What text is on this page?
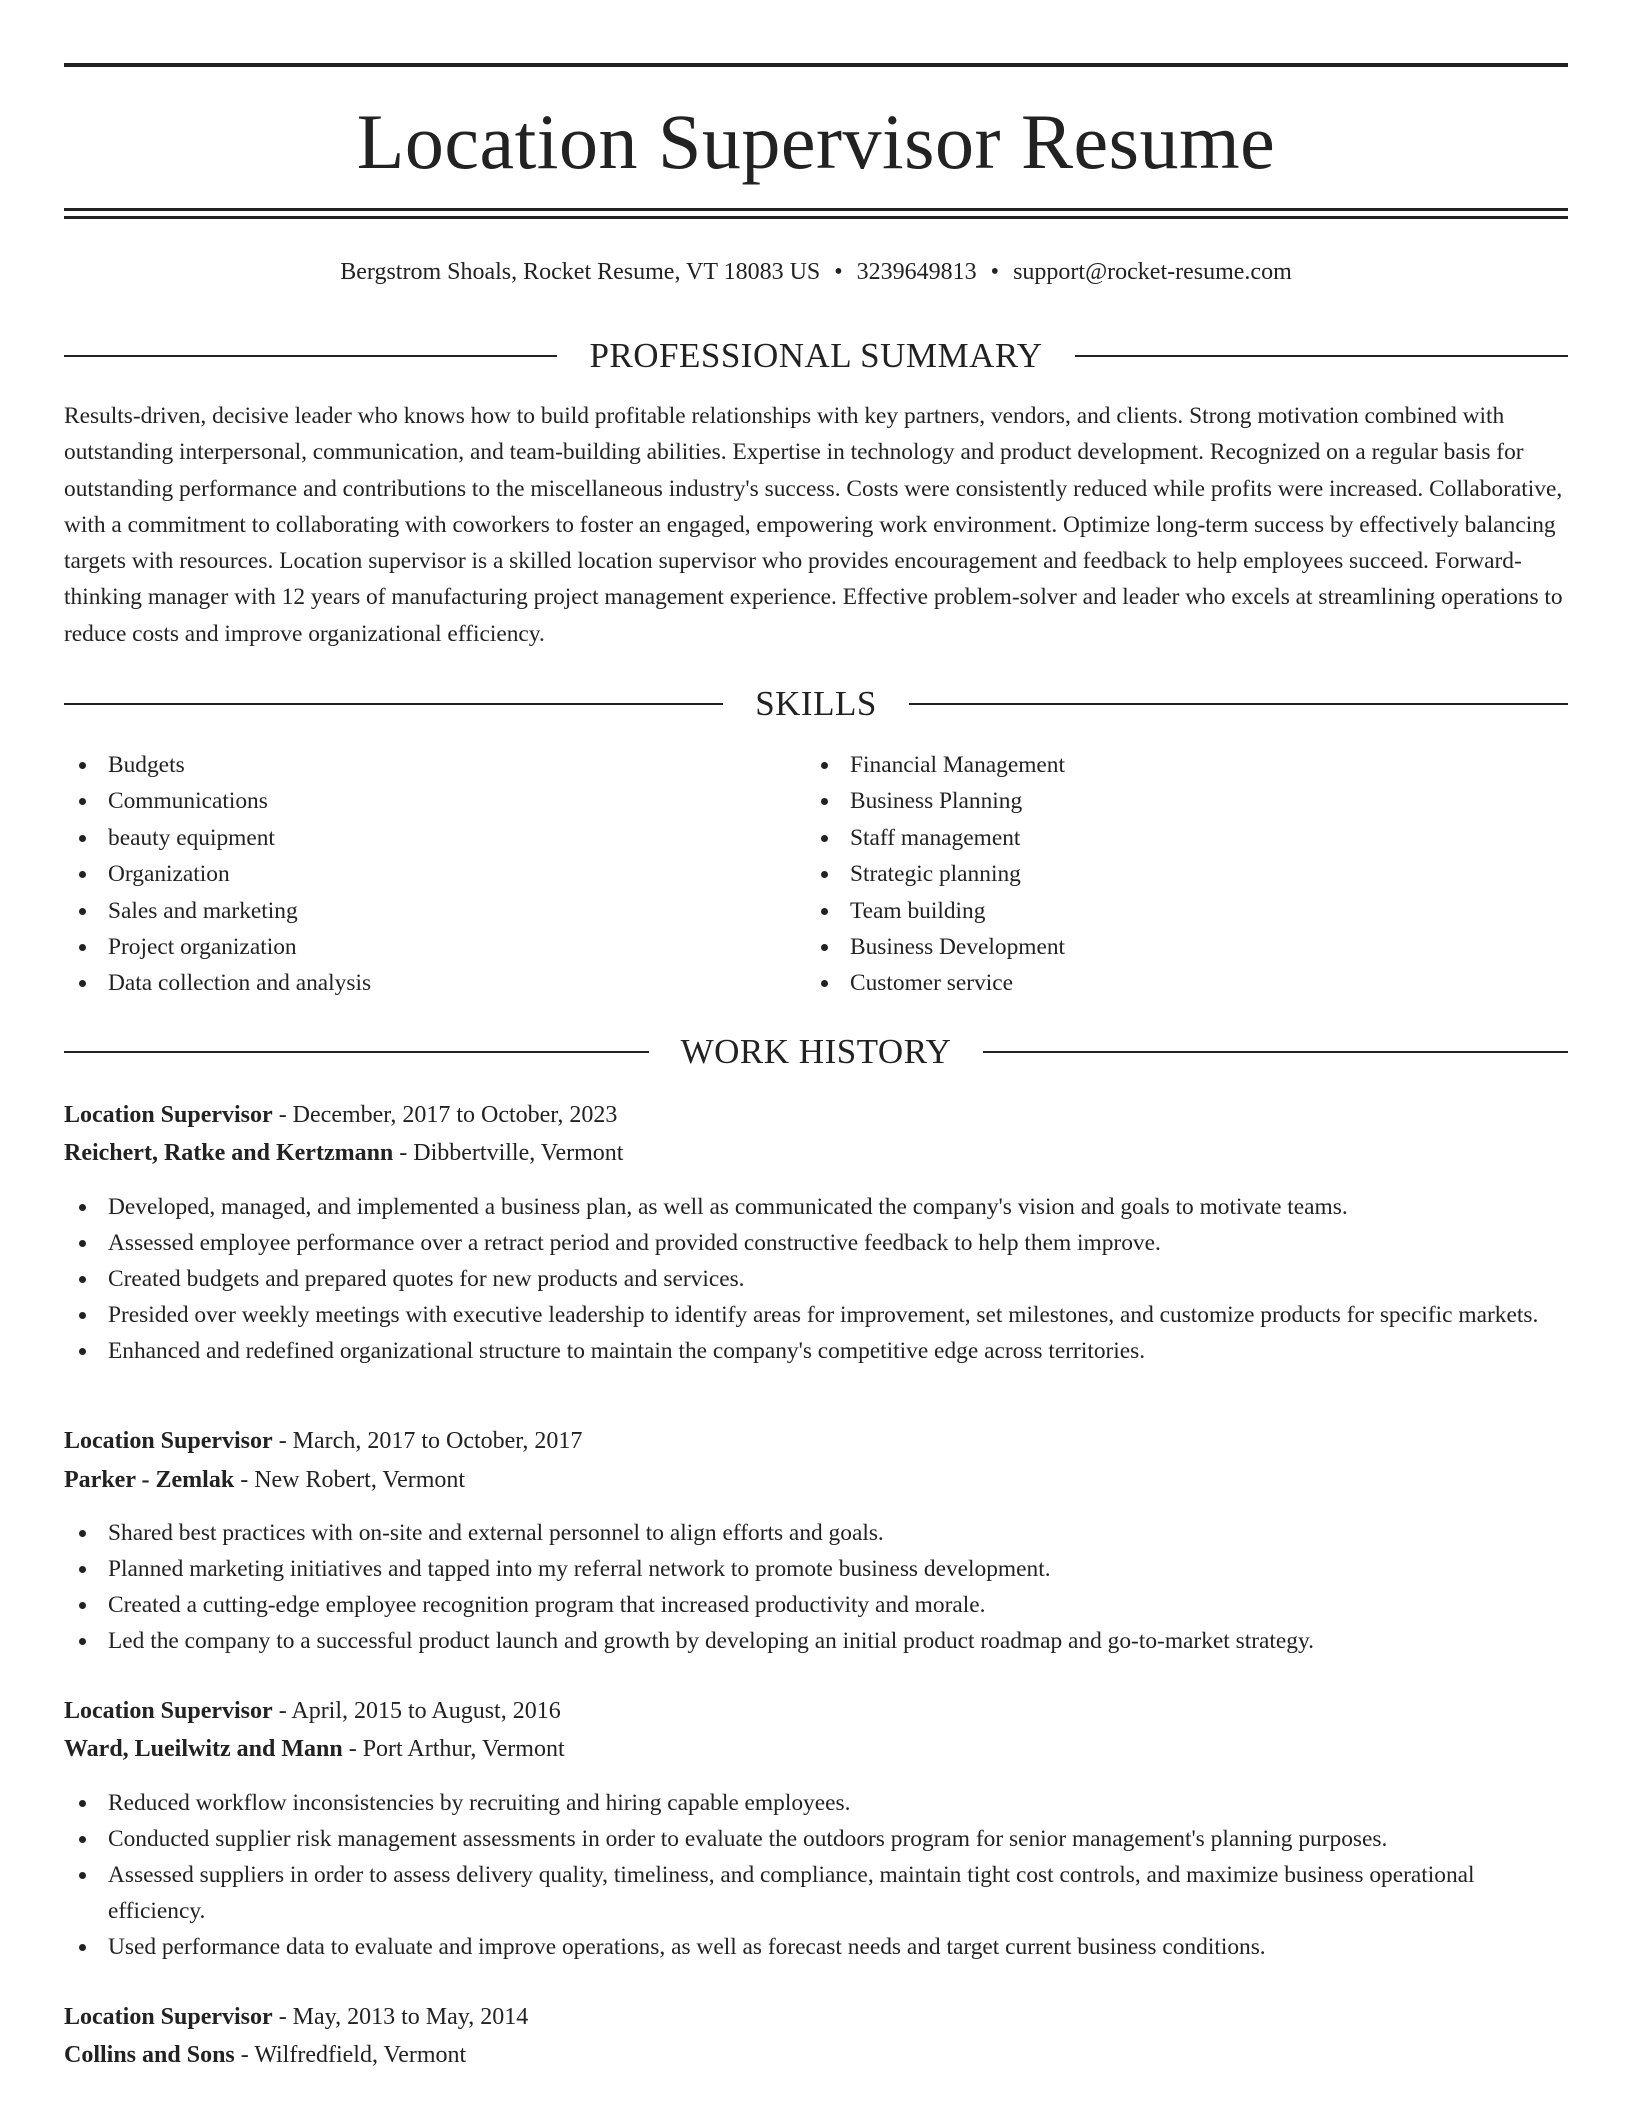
Location Supervisor Resume
Bergstrom Shoals, Rocket Resume, VT 18083 US • 3239649813 • support@rocket-resume.com
PROFESSIONAL SUMMARY

Results-driven, decisive leader who knows how to build profitable relationships with key partners, vendors, and clients. Strong motivation combined with outstanding interpersonal, communication, and team-building abilities. Expertise in technology and product development. Recognized on a regular basis for outstanding performance and contributions to the miscellaneous industry's success. Costs were consistently reduced while profits were increased. Collaborative, with a commitment to collaborating with coworkers to foster an engaged, empowering work environment. Optimize long-term success by effectively balancing targets with resources. Location supervisor is a skilled location supervisor who provides encouragement and feedback to help employees succeed. Forward-thinking manager with 12 years of manufacturing project management experience. Effective problem-solver and leader who excels at streamlining operations to reduce costs and improve organizational efficiency.

SKILLS
Budgets
Communications
beauty equipment
Organization
Sales and marketing
Project organization
Data collection and analysis
Financial Management
Business Planning
Staff management
Strategic planning
Team building
Business Development
Customer service
WORK HISTORY
Location Supervisor - December, 2017 to October, 2023
Reichert, Ratke and Kertzmann - Dibbertville, Vermont
Developed, managed, and implemented a business plan, as well as communicated the company's vision and goals to motivate teams.
Assessed employee performance over a retract period and provided constructive feedback to help them improve.
Created budgets and prepared quotes for new products and services.
Presided over weekly meetings with executive leadership to identify areas for improvement, set milestones, and customize products for specific markets.
Enhanced and redefined organizational structure to maintain the company's competitive edge across territories.
Location Supervisor - March, 2017 to October, 2017
Parker - Zemlak - New Robert, Vermont
Shared best practices with on-site and external personnel to align efforts and goals.
Planned marketing initiatives and tapped into my referral network to promote business development.
Created a cutting-edge employee recognition program that increased productivity and morale.
Led the company to a successful product launch and growth by developing an initial product roadmap and go-to-market strategy.
Location Supervisor - April, 2015 to August, 2016
Ward, Lueilwitz and Mann - Port Arthur, Vermont
Reduced workflow inconsistencies by recruiting and hiring capable employees.
Conducted supplier risk management assessments in order to evaluate the outdoors program for senior management's planning purposes.
Assessed suppliers in order to assess delivery quality, timeliness, and compliance, maintain tight cost controls, and maximize business operational efficiency.
Used performance data to evaluate and improve operations, as well as forecast needs and target current business conditions.
Location Supervisor - May, 2013 to May, 2014
Collins and Sons - Wilfredfield, Vermont
